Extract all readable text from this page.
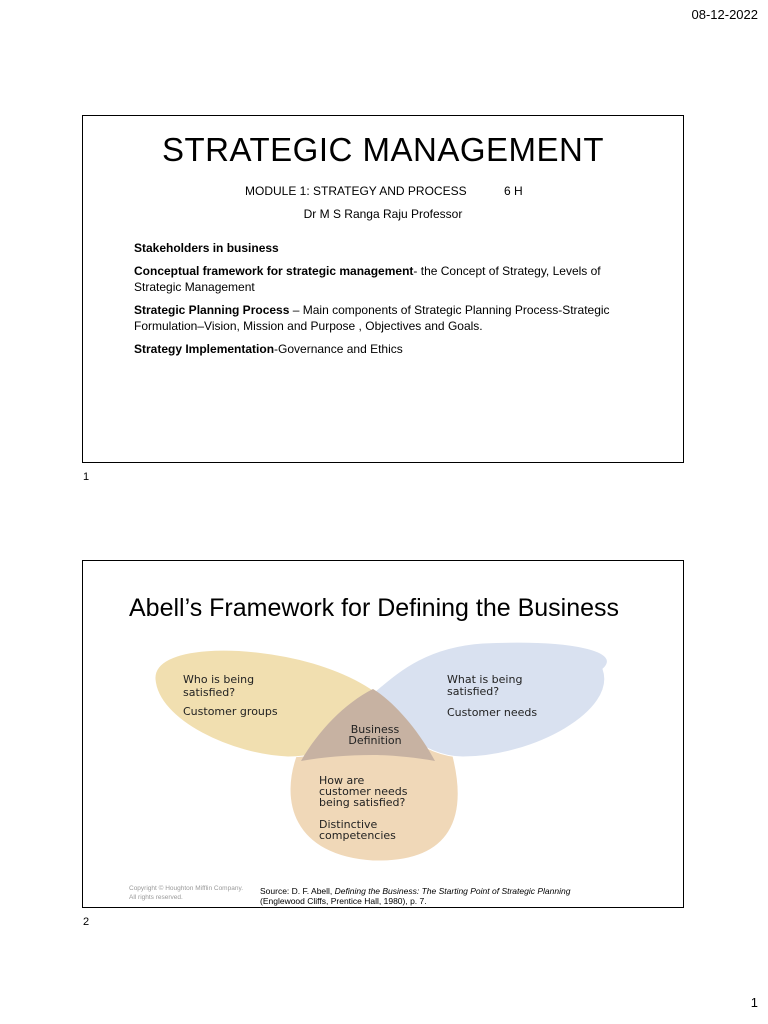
08-12-2022
STRATEGIC MANAGEMENT
MODULE 1: STRATEGY AND PROCESS	6 H
Dr M S Ranga Raju Professor

Stakeholders in business

Conceptual framework for strategic management- the Concept of Strategy, Levels of Strategic Management

Strategic Planning Process – Main components of Strategic Planning Process-Strategic Formulation–Vision, Mission and Purpose , Objectives and Goals.

Strategy Implementation-Governance and Ethics

1
Abell’s Framework for Defining the Business
Who is being
satisfied?
Customer groups
What is being
satisfied?
Customer needs
Business
Definition
How are
customer needs
being satisfied?
Distinctive
competencies
Copyright © Houghton Mifflin Company.
All rights reserved.
Source: D. F. Abell, Defining the Business: The Starting Point of Strategic Planning (Englewood Cliffs, Prentice Hall, 1980), p. 7.
2
1
